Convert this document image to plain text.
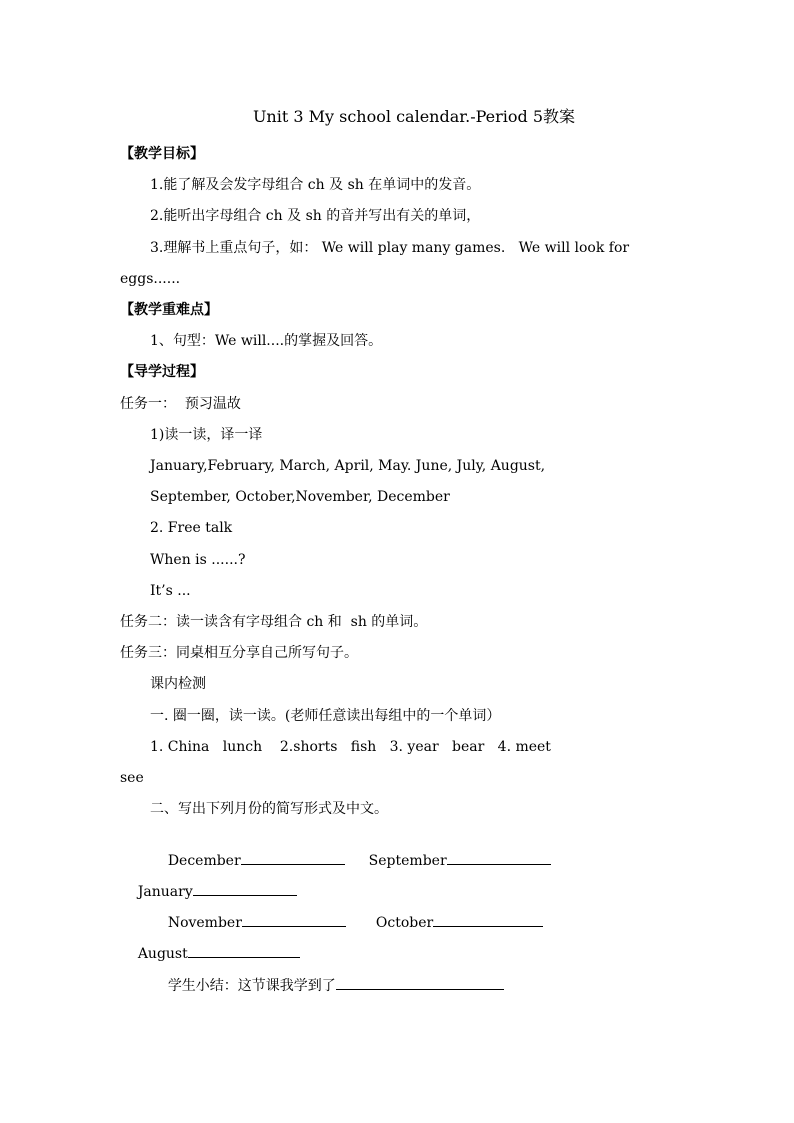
Unit 3 My school calendar.-Period 5教案
【教学目标】
1.能了解及会发字母组合 ch 及 sh 在单词中的发音。
2.能听出字母组合 ch 及 sh 的音并写出有关的单词，
3.理解书上重点句子，如： We will play many games.   We will look for
eggs......
【教学重难点】
1、句型：We will....的掌握及回答。
【导学过程】
任务一：  预习温故
1)读一读，译一译
January,February, March, April, May. June, July, August,
September, October,November, December
2. Free talk
When is ......?
It’s ...
任务二：读一读含有字母组合 ch 和  sh 的单词。
任务三：同桌相互分享自己所写句子。
课内检测
一. 圈一圈，读一读。(老师任意读出每组中的一个单词）
1. China   lunch    2.shorts   fish   3. year   bear   4. meet
see
二、写出下列月份的简写形式及中文。

December	September

January

November	October

August

学生小结：这节课我学到了
